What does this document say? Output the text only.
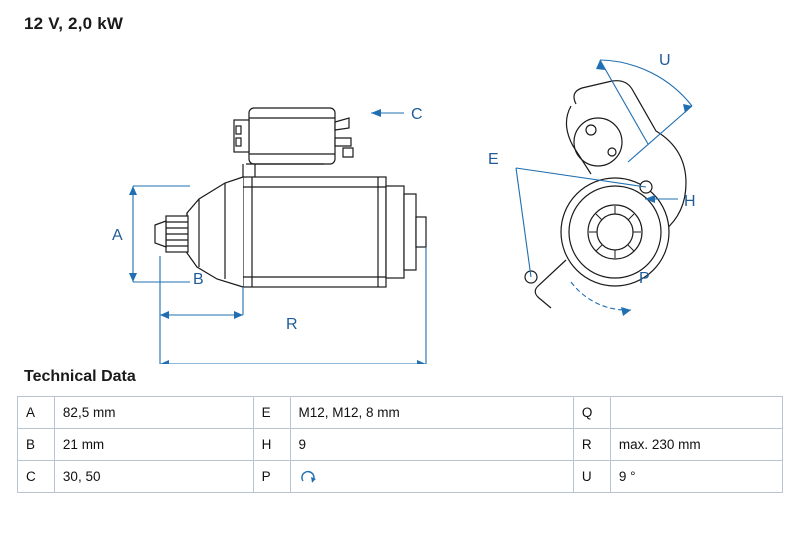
12 V, 2,0 kW
A
B
C
E
H
P
R
U
Technical Data
A	82,5 mm	E	M12, M12, 8 mm	Q	
B	21 mm	H	9	R	max. 230 mm
C	30, 50	P		U	9 °
